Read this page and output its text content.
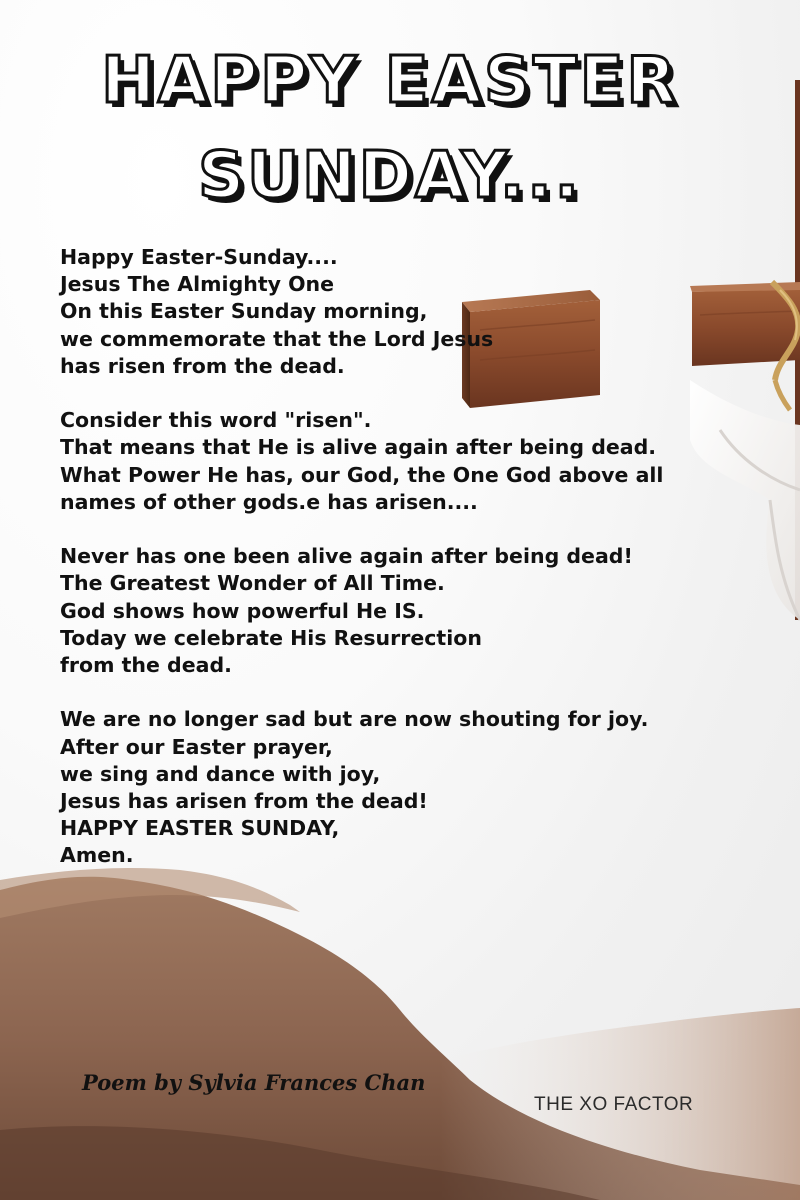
HAPPY EASTER
SUNDAY...
Happy Easter-Sunday....
Jesus The Almighty One
On this Easter Sunday morning,
we commemorate that the Lord Jesus
has risen from the dead.
Consider this word "risen".
That means that He is alive again after being dead.
What Power He has, our God, the One God above all
names of other gods.e has arisen....
Never has one been alive again after being dead!
The Greatest Wonder of All Time.
God shows how powerful He IS.
Today we celebrate His Resurrection
from the dead.
We are no longer sad but are now shouting for joy.
After our Easter prayer,
we sing and dance with joy,
Jesus has arisen from the dead!
HAPPY EASTER SUNDAY,
Amen.
Poem by Sylvia Frances Chan
THE XO FACTOR
